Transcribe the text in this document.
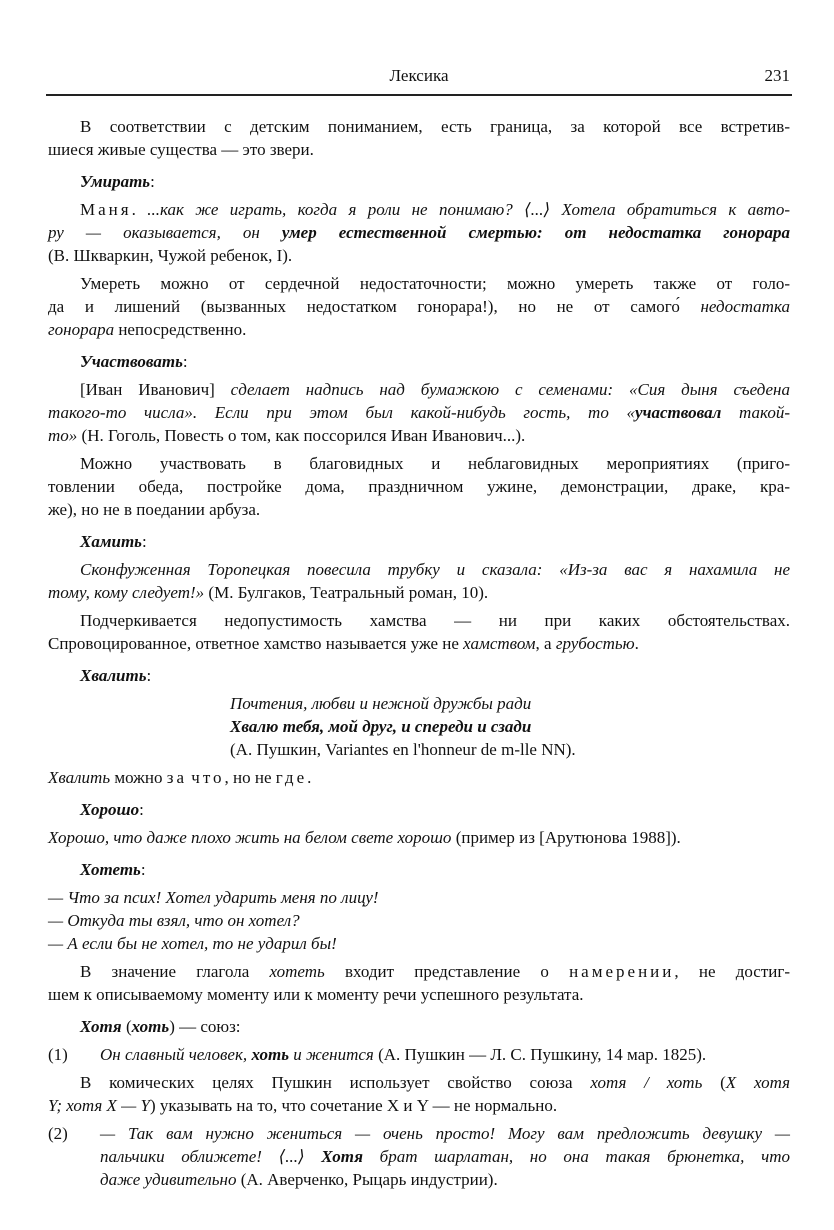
Лексика	231
В соответствии с детским пониманием, есть граница, за которой все встретив-
шиеся живые существа — это звери.
Умирать:
Маня. ...как же играть, когда я роли не понимаю? ⟨...⟩ Хотела обратиться к авто-
ру — оказывается, он умер естественной смертью: от недостатка гонорара
(В. Шкваркин, Чужой ребенок, I).
Умереть можно от сердечной недостаточности; можно умереть также от голо-
да и лишений (вызванных недостатком гонорара!), но не от самого́ недостатка
гонорара непосредственно.
Участвовать:
[Иван Иванович] сделает надпись над бумажкою с семенами: «Сия дыня съедена
такого-то числа». Если при этом был какой-нибудь гость, то «участвовал такой-
то» (Н. Гоголь, Повесть о том, как поссорился Иван Иванович...).
Можно участвовать в благовидных и неблаговидных мероприятиях (приго-
товлении обеда, постройке дома, праздничном ужине, демонстрации, драке, кра-
же), но не в поедании арбуза.
Хамить:
Сконфуженная Торопецкая повесила трубку и сказала: «Из-за вас я нахамила не
тому, кому следует!» (М. Булгаков, Театральный роман, 10).
Подчеркивается недопустимость хамства — ни при каких обстоятельствах.
Спровоцированное, ответное хамство называется уже не хамством, а грубостью.
Хвалить:
Почтения, любви и нежной дружбы ради
Хвалю тебя, мой друг, и спереди и сзади
(А. Пушкин, Variantes en l'honneur de m-lle NN).
Хвалить можно за что, но не где.
Хорошо:
Хорошо, что даже плохо жить на белом свете хорошо (пример из [Арутюнова 1988]).
Хотеть:
— Что за псих! Хотел ударить меня по лицу!
— Откуда ты взял, что он хотел?
— А если бы не хотел, то не ударил бы!
В значение глагола хотеть входит представление о намерении, не достиг-
шем к описываемому моменту или к моменту речи успешного результата.
Хотя (хоть) — союз:
(1) Он славный человек, хоть и женится (А. Пушкин — Л. С. Пушкину, 14 мар. 1825).
В комических целях Пушкин использует свойство союза хотя / хоть (X хотя
Y; хотя X — Y) указывать на то, что сочетание X и Y — не нормально.
(2) — Так вам нужно жениться — очень просто! Могу вам предложить девушку —
пальчики оближете! ⟨...⟩ Хотя брат шарлатан, но она такая брюнетка, что
даже удивительно (А. Аверченко, Рыцарь индустрии).
